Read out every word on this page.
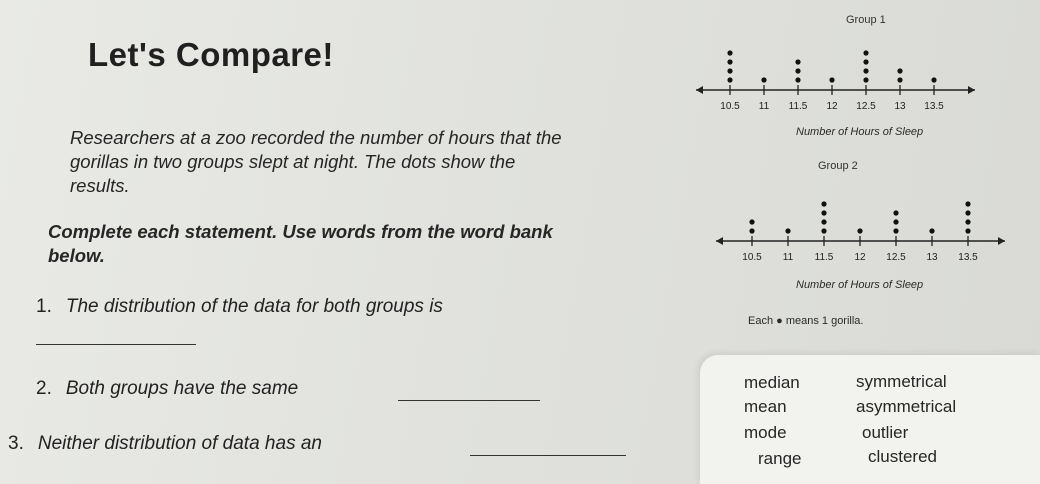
Let's Compare!
Researchers at a zoo recorded the number of hours that the
gorillas in two groups slept at night. The dots show the
results.
Complete each statement. Use words from the word bank
below.
1. The distribution of the data for both groups is
2. Both groups have the same
3. Neither distribution of data has an
Group 1
Group 2
10.5 11 11.5 12 12.5 13 13.5
10.5 11 11.5 12 12.5 13 13.5
Number of Hours of Sleep
Number of Hours of Sleep
Each ● means 1 gorilla.
median
mean
mode
range
symmetrical
asymmetrical
outlier
clustered
